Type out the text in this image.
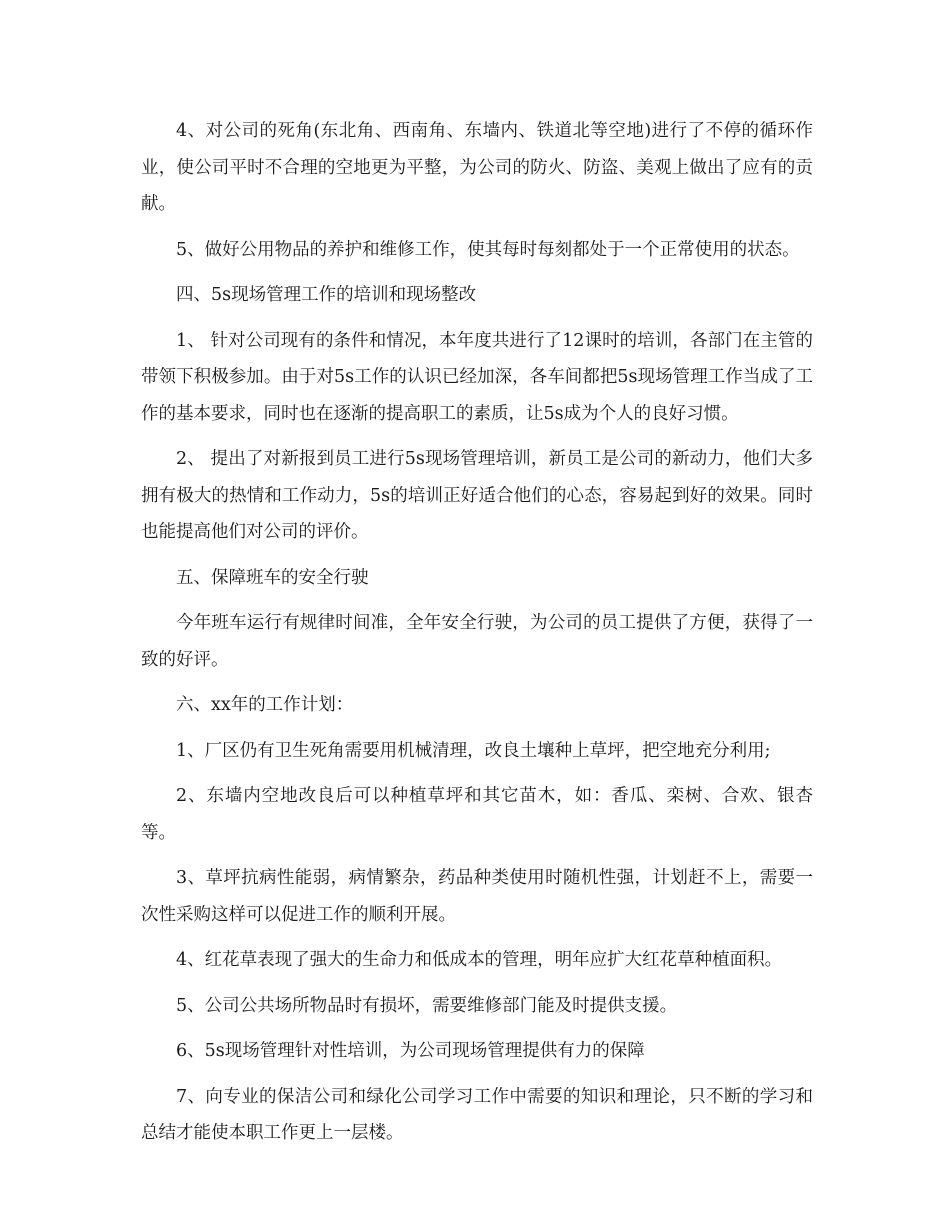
4、对公司的死角(东北角、西南角、东墙内、铁道北等空地)进行了不停的循环作业，使公司平时不合理的空地更为平整，为公司的防火、防盗、美观上做出了应有的贡献。

5、做好公用物品的养护和维修工作，使其每时每刻都处于一个正常使用的状态。

四、5s现场管理工作的培训和现场整改

1、 针对公司现有的条件和情况，本年度共进行了12课时的培训，各部门在主管的带领下积极参加。由于对5s工作的认识已经加深，各车间都把5s现场管理工作当成了工作的基本要求，同时也在逐渐的提高职工的素质，让5s成为个人的良好习惯。

2、 提出了对新报到员工进行5s现场管理培训，新员工是公司的新动力，他们大多拥有极大的热情和工作动力，5s的培训正好适合他们的心态，容易起到好的效果。同时也能提高他们对公司的评价。

五、保障班车的安全行驶

今年班车运行有规律时间准，全年安全行驶，为公司的员工提供了方便，获得了一致的好评。

六、xx年的工作计划：

1、厂区仍有卫生死角需要用机械清理，改良土壤种上草坪，把空地充分利用;

2、东墙内空地改良后可以种植草坪和其它苗木，如：香瓜、栾树、合欢、银杏等。

3、草坪抗病性能弱，病情繁杂，药品种类使用时随机性强，计划赶不上，需要一次性采购这样可以促进工作的顺利开展。

4、红花草表现了强大的生命力和低成本的管理，明年应扩大红花草种植面积。

5、公司公共场所物品时有损坏，需要维修部门能及时提供支援。

6、5s现场管理针对性培训，为公司现场管理提供有力的保障

7、向专业的保洁公司和绿化公司学习工作中需要的知识和理论，只不断的学习和总结才能使本职工作更上一层楼。
